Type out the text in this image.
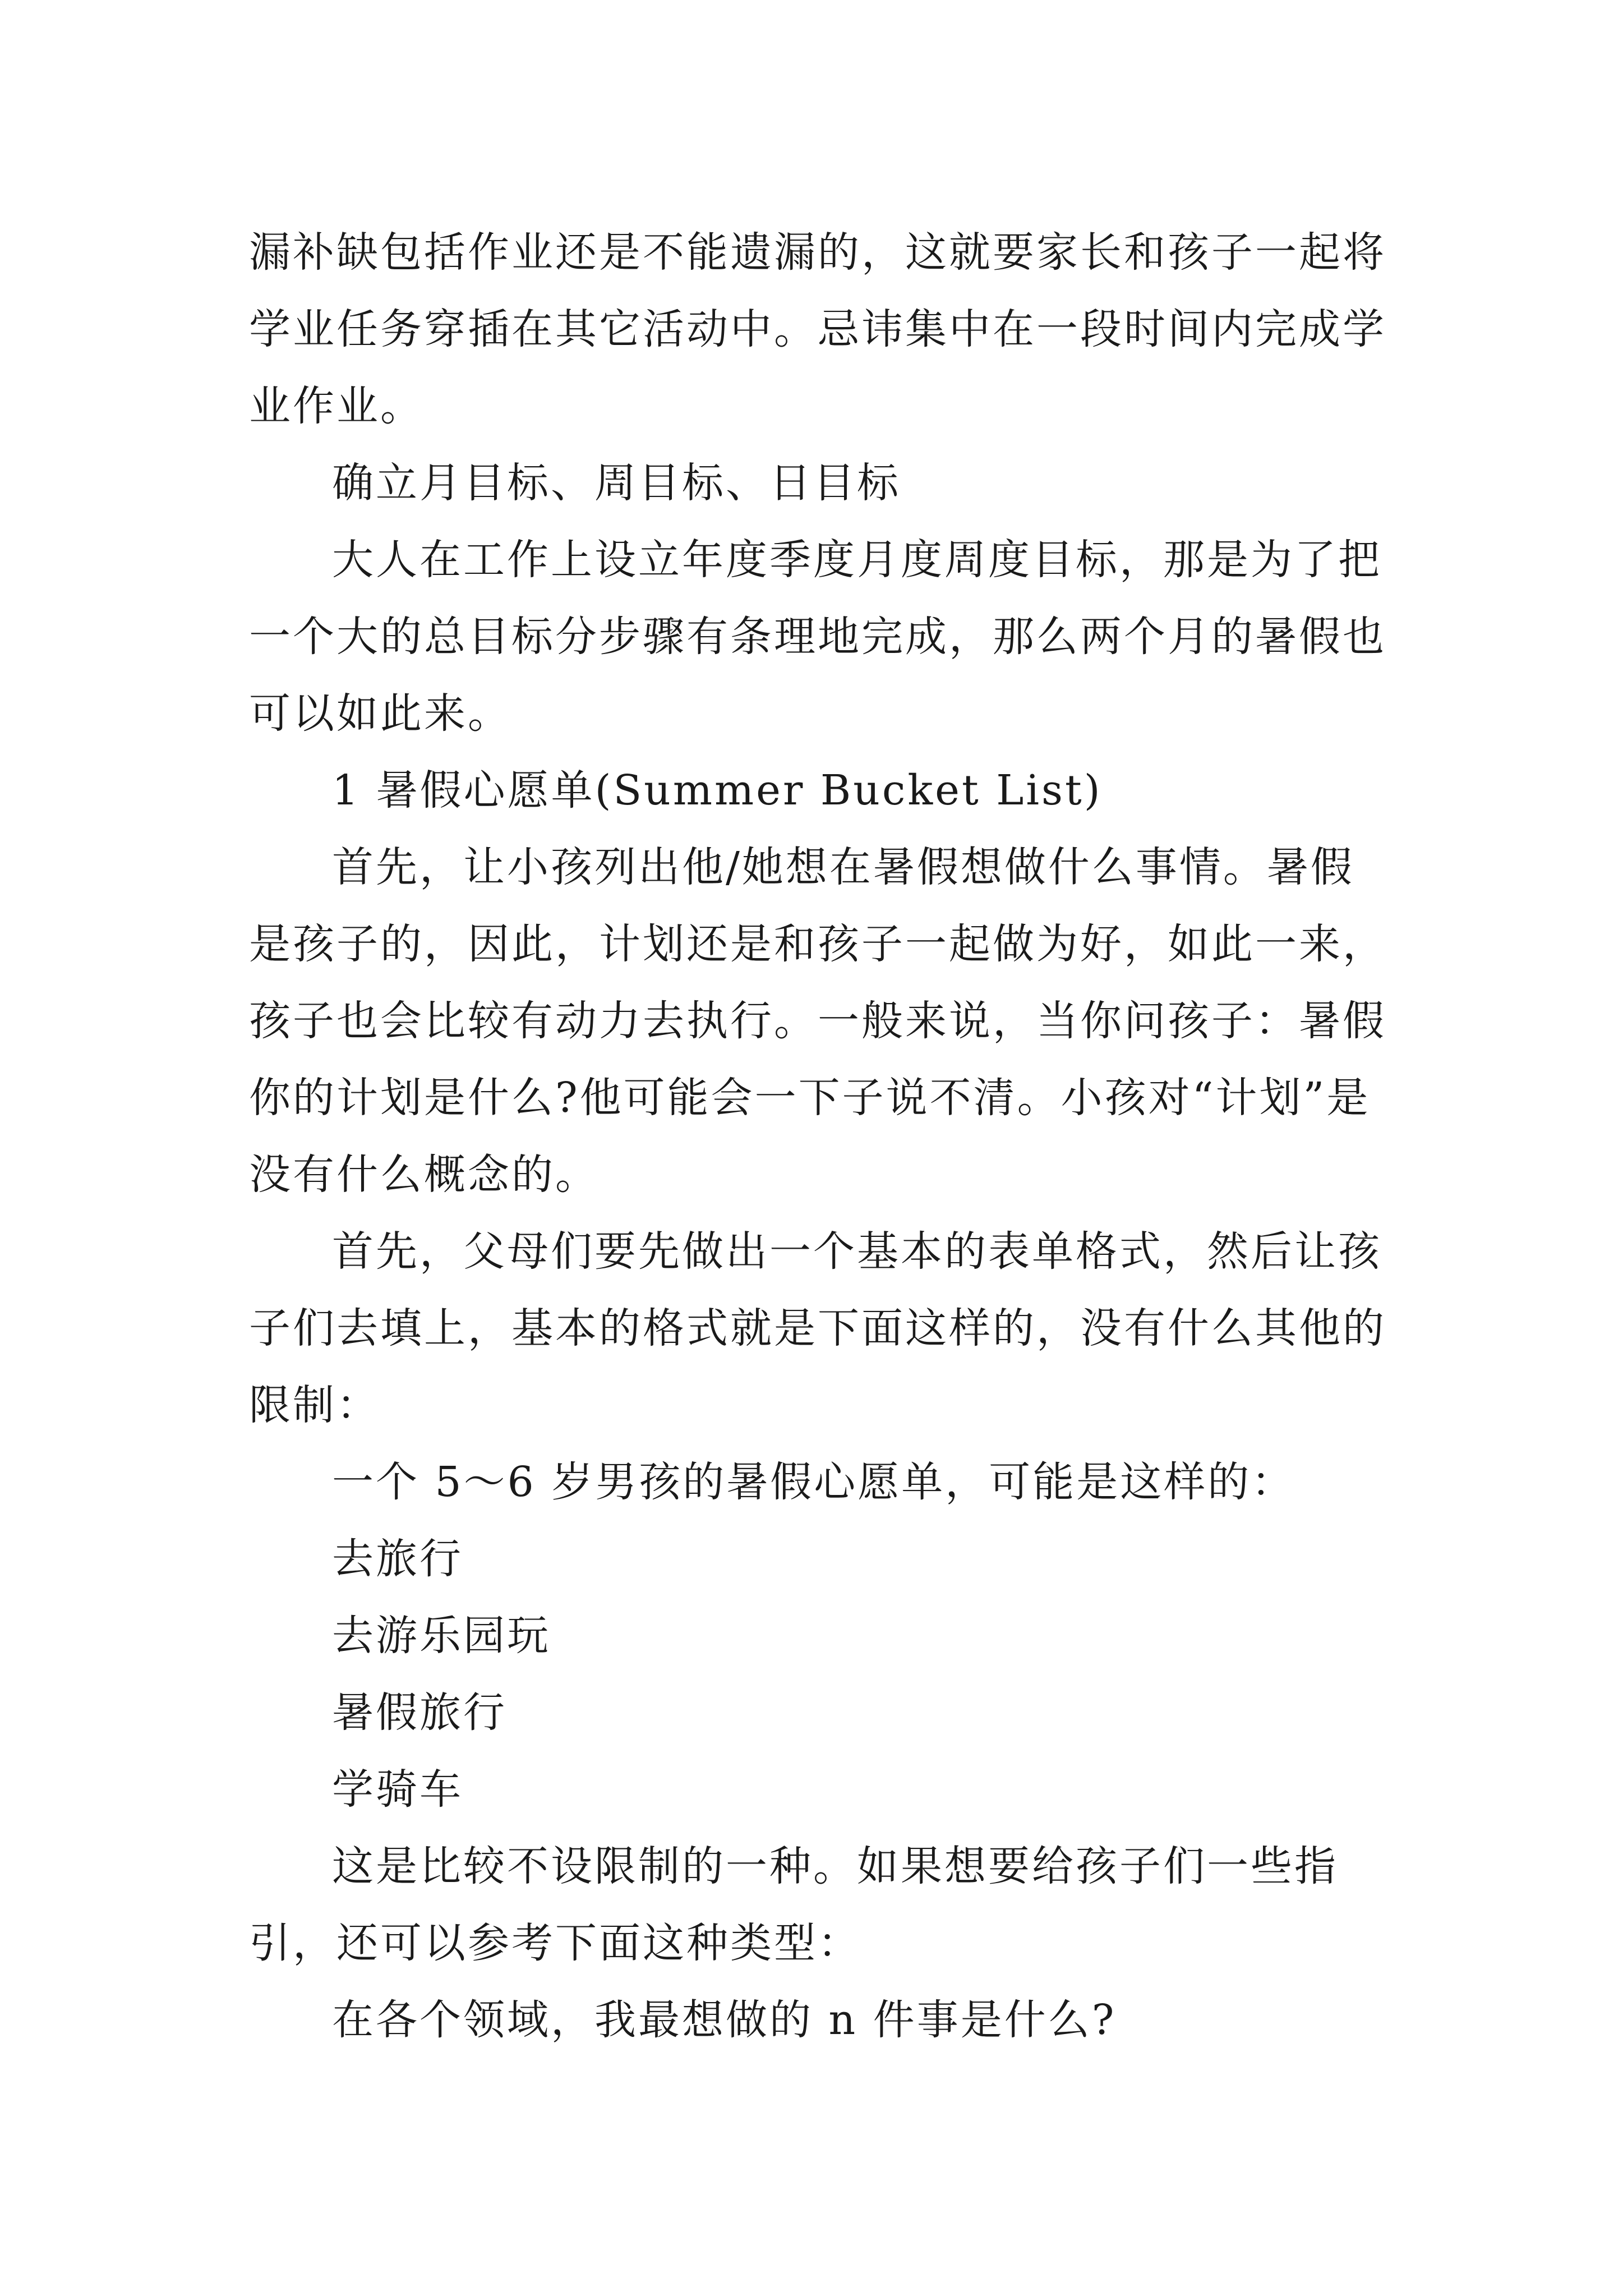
漏补缺包括作业还是不能遗漏的，这就要家长和孩子一起将学业任务穿插在其它活动中。忌讳集中在一段时间内完成学业作业。

确立月目标、周目标、日目标

大人在工作上设立年度季度月度周度目标，那是为了把一个大的总目标分步骤有条理地完成，那么两个月的暑假也可以如此来。

1 暑假心愿单(Summer Bucket List)

首先，让小孩列出他/她想在暑假想做什么事情。暑假是孩子的，因此，计划还是和孩子一起做为好，如此一来，孩子也会比较有动力去执行。一般来说，当你问孩子：暑假你的计划是什么?他可能会一下子说不清。小孩对“计划”是没有什么概念的。

首先，父母们要先做出一个基本的表单格式，然后让孩子们去填上，基本的格式就是下面这样的，没有什么其他的限制：

一个 5～6 岁男孩的暑假心愿单，可能是这样的：

去旅行

去游乐园玩

暑假旅行

学骑车

这是比较不设限制的一种。如果想要给孩子们一些指引，还可以参考下面这种类型：

在各个领域，我最想做的 n 件事是什么?
